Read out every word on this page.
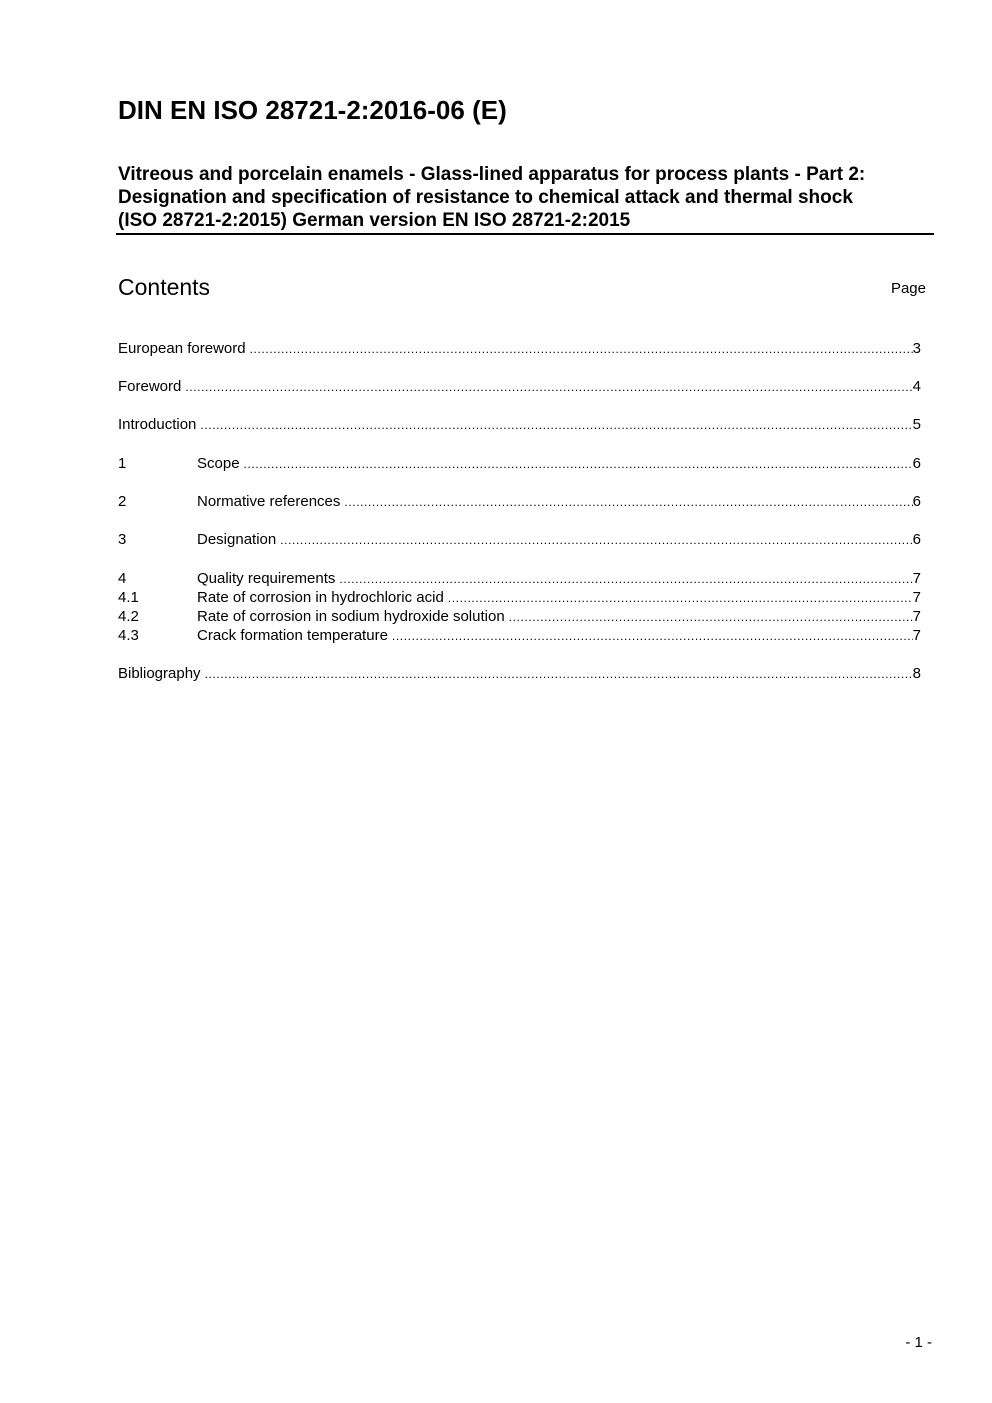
DIN EN ISO 28721-2:2016-06 (E)
Vitreous and porcelain enamels - Glass-lined apparatus for process plants - Part 2:
Designation and specification of resistance to chemical attack and thermal shock
(ISO 28721-2:2015) German version EN ISO 28721-2:2015
Contents	Page
European foreword .....	3
Foreword .....	4
Introduction .....	5
1	Scope .....	6
2	Normative references .....	6
3	Designation .....	6
4	Quality requirements .....	7
4.1	Rate of corrosion in hydrochloric acid .....	7
4.2	Rate of corrosion in sodium hydroxide solution .....	7
4.3	Crack formation temperature .....	7
Bibliography .....	8
- 1 -
